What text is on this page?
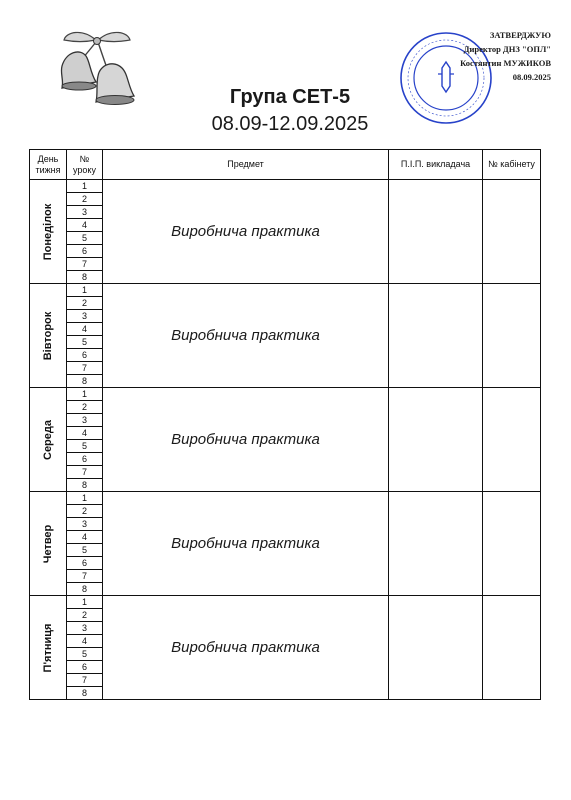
Група СЕТ-5
08.09-12.09.2025
ЗАТВЕРДЖУЮ
Директор ДНЗ "ОПЛ"
Костянтин МУЖИКОВ
08.09.2025
День тижня	№ уроку	Предмет	П.І.П. викладача	№ кабінету

Понеділок	1	Виробнича практика		
	2			
	3			
	4			
	5			
	6			
	7			
	8			

Вівторок	1	Виробнича практика		
	2			
	3			
	4			
	5			
	6			
	7			
	8			

Середа	1	Виробнича практика		
	2			
	3			
	4			
	5			
	6			
	7			
	8			

Четвер	1	Виробнича практика		
	2			
	3			
	4			
	5			
	6			
	7			
	8			

П'ятниця	1	Виробнича практика		
	2			
	3			
	4			
	5			
	6			
	7			
	8			
